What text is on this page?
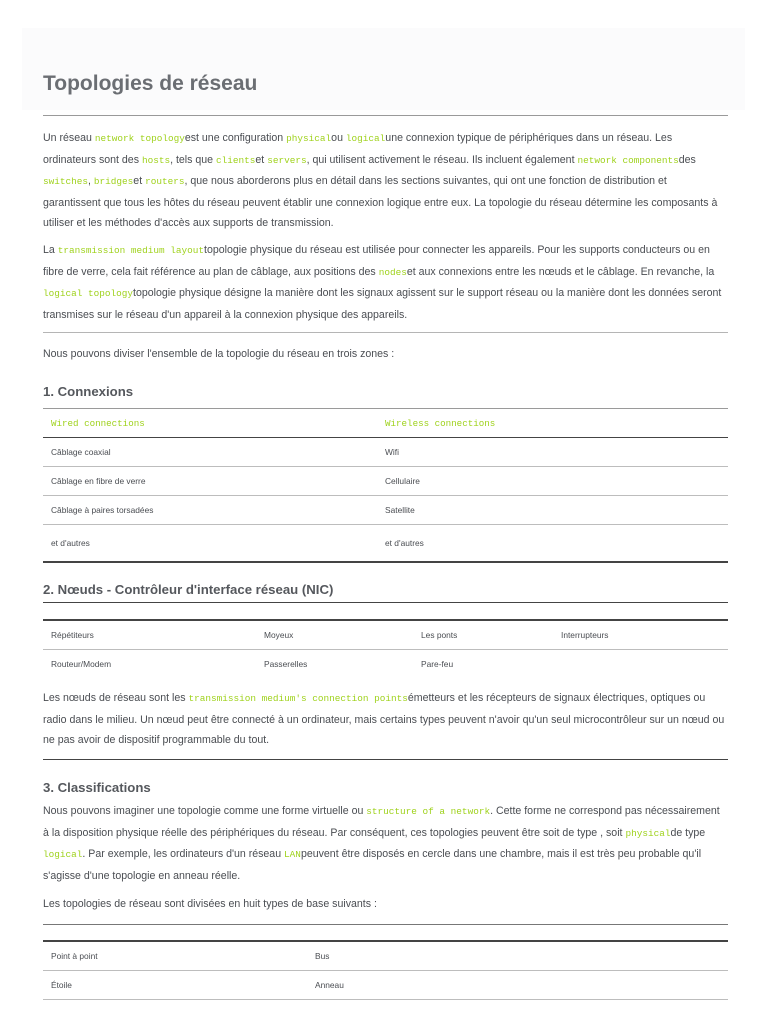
Topologies de réseau

Un réseau network topologyest une configuration physicalou logicalune connexion typique de périphériques dans un réseau. Les ordinateurs sont des hosts, tels que clientset servers, qui utilisent activement le réseau. Ils incluent également network componentsdes switches, bridgeset routers, que nous aborderons plus en détail dans les sections suivantes, qui ont une fonction de distribution et garantissent que tous les hôtes du réseau peuvent établir une connexion logique entre eux. La topologie du réseau détermine les composants à utiliser et les méthodes d'accès aux supports de transmission.

La transmission medium layouttopologie physique du réseau est utilisée pour connecter les appareils. Pour les supports conducteurs ou en fibre de verre, cela fait référence au plan de câblage, aux positions des nodeset aux connexions entre les nœuds et le câblage. En revanche, la logical topologytopologie physique désigne la manière dont les signaux agissent sur le support réseau ou la manière dont les données seront transmises sur le réseau d'un appareil à la connexion physique des appareils.

Nous pouvons diviser l'ensemble de la topologie du réseau en trois zones :

1. Connexions
Wired connections	Wireless connections
Câblage coaxial	Wifi
Câblage en fibre de verre	Cellulaire
Câblage à paires torsadées	Satellite
et d'autres	et d'autres
2. Nœuds - Contrôleur d'interface réseau (NIC)
Répétiteurs	Moyeux	Les ponts	Interrupteurs
Routeur/Modem	Passerelles	Pare-feu	

Les nœuds de réseau sont les transmission medium's connection pointsémetteurs et les récepteurs de signaux électriques, optiques ou radio dans le milieu. Un nœud peut être connecté à un ordinateur, mais certains types peuvent n'avoir qu'un seul microcontrôleur sur un nœud ou ne pas avoir de dispositif programmable du tout.

3. Classifications

Nous pouvons imaginer une topologie comme une forme virtuelle ou structure of a network. Cette forme ne correspond pas nécessairement à la disposition physique réelle des périphériques du réseau. Par conséquent, ces topologies peuvent être soit de type , soit physicalde type logical. Par exemple, les ordinateurs d'un réseau LANpeuvent être disposés en cercle dans une chambre, mais il est très peu probable qu'il s'agisse d'une topologie en anneau réelle.

Les topologies de réseau sont divisées en huit types de base suivants :

Point à point	Bus
Étoile	Anneau
